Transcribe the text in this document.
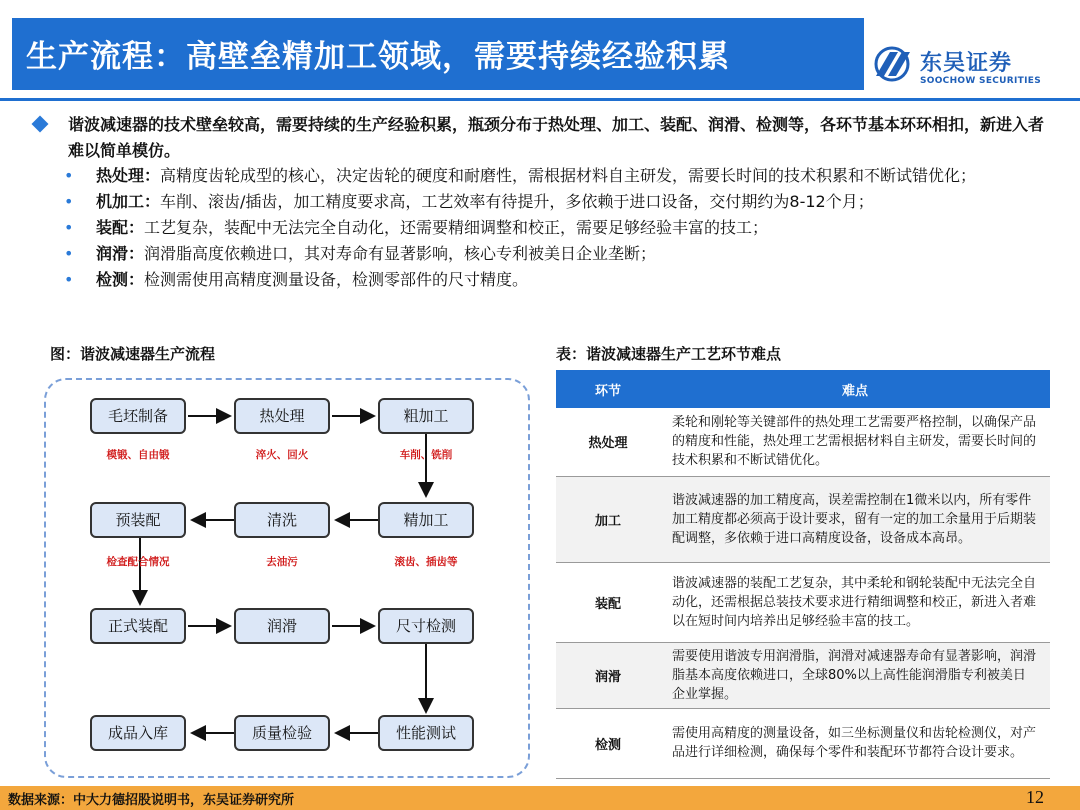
生产流程：高壁垒精加工领域，需要持续经验积累	东吴证券
SOOCHOW SECURITIES
谐波减速器的技术壁垒较高，需要持续的生产经验积累，瓶颈分布于热处理、加工、装配、润滑、检测等，各环节基本环环相扣，新进入者难以简单模仿。
• 热处理：高精度齿轮成型的核心，决定齿轮的硬度和耐磨性，需根据材料自主研发，需要长时间的技术积累和不断试错优化；
• 机加工：车削、滚齿/插齿，加工精度要求高，工艺效率有待提升，多依赖于进口设备，交付期约为8-12个月；
• 装配：工艺复杂，装配中无法完全自动化，还需要精细调整和校正，需要足够经验丰富的技工；
• 润滑：润滑脂高度依赖进口，其对寿命有显著影响，核心专利被美日企业垄断；
• 检测：检测需使用高精度测量设备，检测零部件的尺寸精度。
图：谐波减速器生产流程	表：谐波减速器生产工艺环节难点
毛坯制备	热处理	粗加工
模锻、自由锻	淬火、回火	车削、铣削
精加工
清洗
预装配
滚齿、插齿等
去油污
检查配合情况
正式装配	润滑	尺寸检测
性能测试
质量检验
成品入库
环节	难点
热处理	柔轮和刚轮等关键部件的热处理工艺需要严格控制，以确保产品的精度和性能，热处理工艺需根据材料自主研发，需要长时间的技术积累和不断试错优化。
加工	谐波减速器的加工精度高，误差需控制在1微米以内，所有零件加工精度都必须高于设计要求，留有一定的加工余量用于后期装配调整，多依赖于进口高精度设备，设备成本高昂。
装配	谐波减速器的装配工艺复杂，其中柔轮和钢轮装配中无法完全自动化，还需根据总装技术要求进行精细调整和校正，新进入者难以在短时间内培养出足够经验丰富的技工。
润滑	需要使用谐波专用润滑脂，润滑对减速器寿命有显著影响，润滑脂基本高度依赖进口，全球80%以上高性能润滑脂专利被美日企业掌握。
检测	需使用高精度的测量设备，如三坐标测量仪和齿轮检测仪，对产品进行详细检测，确保每个零件和装配环节都符合设计要求。
数据来源：中大力德招股说明书，东吴证券研究所	12
